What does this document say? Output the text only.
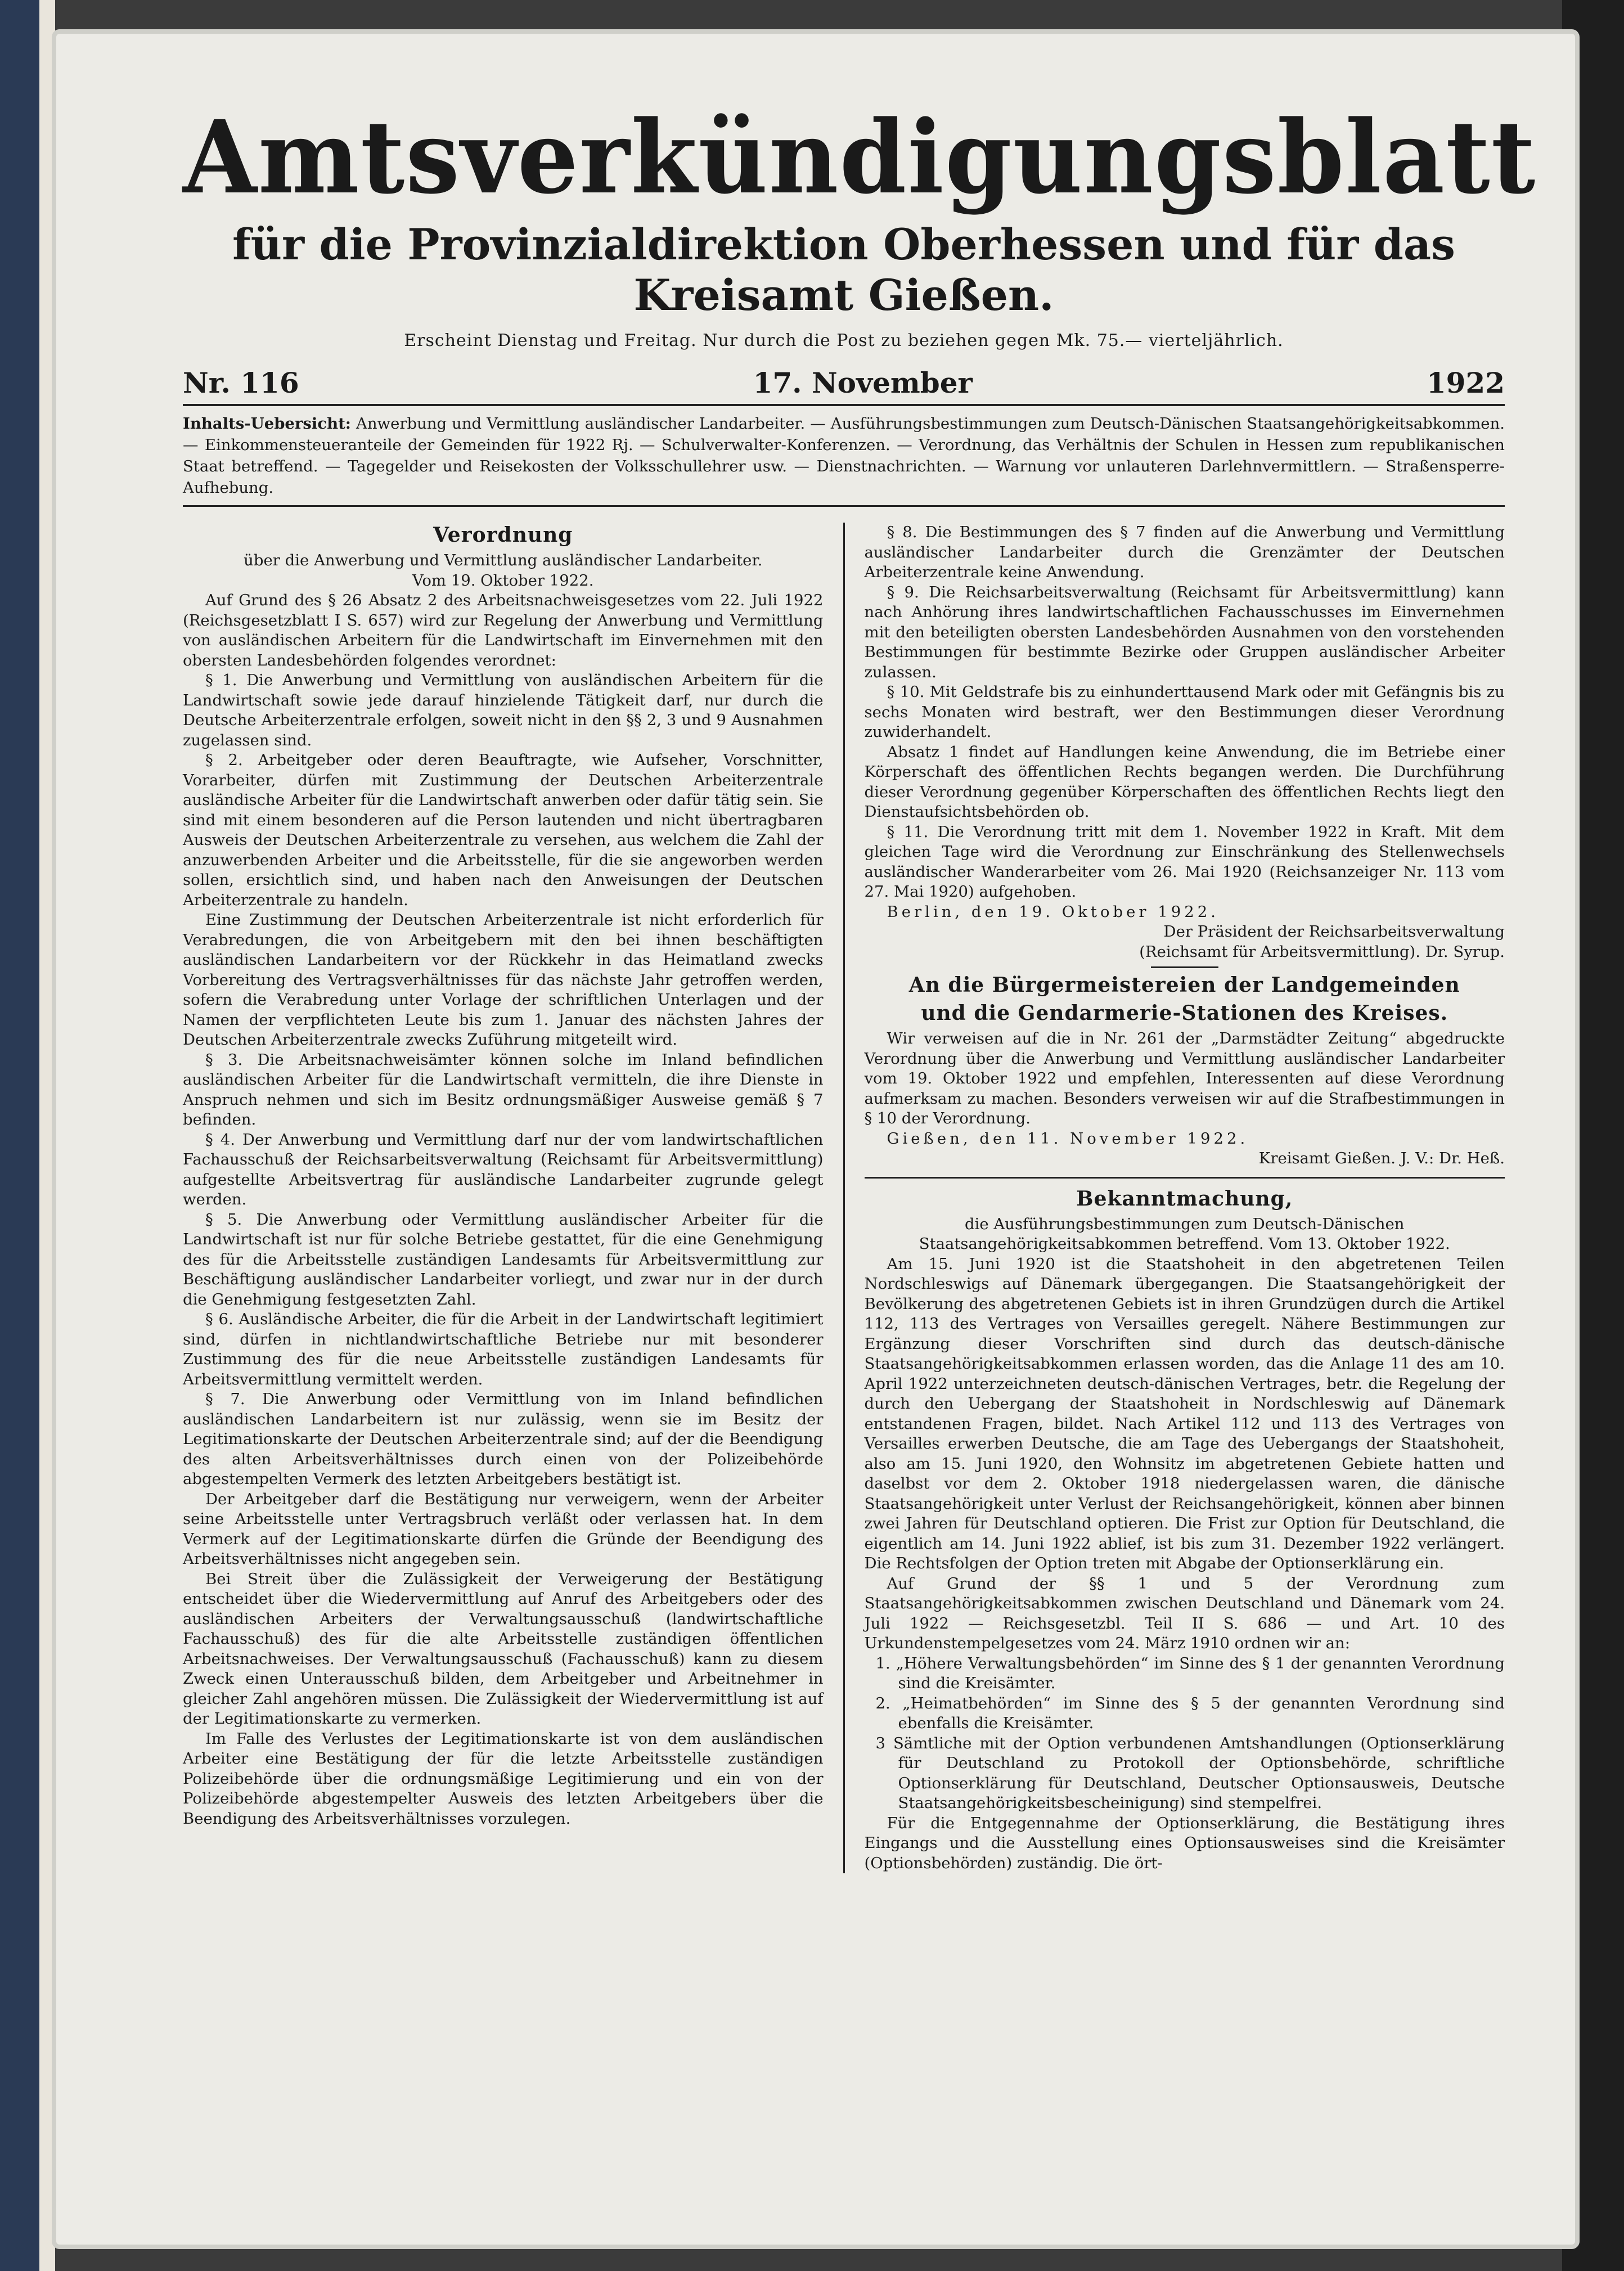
Amtsverkündigungsblatt
für die Provinzialdirektion Oberhessen und für das Kreisamt Gießen.
Erscheint Dienstag und Freitag. Nur durch die Post zu beziehen gegen Mk. 75.— vierteljährlich.
Nr. 116	17. November	1922
Inhalts-Uebersicht: Anwerbung und Vermittlung ausländischer Landarbeiter. — Ausführungsbestimmungen zum Deutsch-Dänischen Staatsangehörigkeitsabkommen. — Einkommensteueranteile der Gemeinden für 1922 Rj. — Schulverwalter-Konferenzen. — Verordnung, das Verhältnis der Schulen in Hessen zum republikanischen Staat betreffend. — Tagegelder und Reisekosten der Volksschullehrer usw. — Dienstnachrichten. — Warnung vor unlauteren Darlehnvermittlern. — Straßensperre-Aufhebung.
Verordnung
über die Anwerbung und Vermittlung ausländischer Landarbeiter.
Vom 19. Oktober 1922.

Auf Grund des § 26 Absatz 2 des Arbeitsnachweisgesetzes vom 22. Juli 1922 (Reichsgesetzblatt I S. 657) wird zur Regelung der Anwerbung und Vermittlung von ausländischen Arbeitern für die Landwirtschaft im Einvernehmen mit den obersten Landesbehörden folgendes verordnet:

§ 1. Die Anwerbung und Vermittlung von ausländischen Arbeitern für die Landwirtschaft sowie jede darauf hinzielende Tätigkeit darf, nur durch die Deutsche Arbeiterzentrale erfolgen, soweit nicht in den §§ 2, 3 und 9 Ausnahmen zugelassen sind.

§ 2. Arbeitgeber oder deren Beauftragte, wie Aufseher, Vorschnitter, Vorarbeiter, dürfen mit Zustimmung der Deutschen Arbeiterzentrale ausländische Arbeiter für die Landwirtschaft anwerben oder dafür tätig sein. Sie sind mit einem besonderen auf die Person lautenden und nicht übertragbaren Ausweis der Deutschen Arbeiterzentrale zu versehen, aus welchem die Zahl der anzuwerbenden Arbeiter und die Arbeitsstelle, für die sie angeworben werden sollen, ersichtlich sind, und haben nach den Anweisungen der Deutschen Arbeiterzentrale zu handeln.

Eine Zustimmung der Deutschen Arbeiterzentrale ist nicht erforderlich für Verabredungen, die von Arbeitgebern mit den bei ihnen beschäftigten ausländischen Landarbeitern vor der Rückkehr in das Heimatland zwecks Vorbereitung des Vertragsverhältnisses für das nächste Jahr getroffen werden, sofern die Verabredung unter Vorlage der schriftlichen Unterlagen und der Namen der verpflichteten Leute bis zum 1. Januar des nächsten Jahres der Deutschen Arbeiterzentrale zwecks Zuführung mitgeteilt wird.

§ 3. Die Arbeitsnachweisämter können solche im Inland befindlichen ausländischen Arbeiter für die Landwirtschaft vermitteln, die ihre Dienste in Anspruch nehmen und sich im Besitz ordnungsmäßiger Ausweise gemäß § 7 befinden.

§ 4. Der Anwerbung und Vermittlung darf nur der vom landwirtschaftlichen Fachausschuß der Reichsarbeitsverwaltung (Reichsamt für Arbeitsvermittlung) aufgestellte Arbeitsvertrag für ausländische Landarbeiter zugrunde gelegt werden.

§ 5. Die Anwerbung oder Vermittlung ausländischer Arbeiter für die Landwirtschaft ist nur für solche Betriebe gestattet, für die eine Genehmigung des für die Arbeitsstelle zuständigen Landesamts für Arbeitsvermittlung zur Beschäftigung ausländischer Landarbeiter vorliegt, und zwar nur in der durch die Genehmigung festgesetzten Zahl.

§ 6. Ausländische Arbeiter, die für die Arbeit in der Landwirtschaft legitimiert sind, dürfen in nichtlandwirtschaftliche Betriebe nur mit besonderer Zustimmung des für die neue Arbeitsstelle zuständigen Landesamts für Arbeitsvermittlung vermittelt werden.

§ 7. Die Anwerbung oder Vermittlung von im Inland befindlichen ausländischen Landarbeitern ist nur zulässig, wenn sie im Besitz der Legitimationskarte der Deutschen Arbeiterzentrale sind; auf der die Beendigung des alten Arbeitsverhältnisses durch einen von der Polizeibehörde abgestempelten Vermerk des letzten Arbeitgebers bestätigt ist.

Der Arbeitgeber darf die Bestätigung nur verweigern, wenn der Arbeiter seine Arbeitsstelle unter Vertragsbruch verläßt oder verlassen hat. In dem Vermerk auf der Legitimationskarte dürfen die Gründe der Beendigung des Arbeitsverhältnisses nicht angegeben sein.

Bei Streit über die Zulässigkeit der Verweigerung der Bestätigung entscheidet über die Wiedervermittlung auf Anruf des Arbeitgebers oder des ausländischen Arbeiters der Verwaltungsausschuß (landwirtschaftliche Fachausschuß) des für die alte Arbeitsstelle zuständigen öffentlichen Arbeitsnachweises. Der Verwaltungsausschuß (Fachausschuß) kann zu diesem Zweck einen Unterausschuß bilden, dem Arbeitgeber und Arbeitnehmer in gleicher Zahl angehören müssen. Die Zulässigkeit der Wiedervermittlung ist auf der Legitimationskarte zu vermerken.

Im Falle des Verlustes der Legitimationskarte ist von dem ausländischen Arbeiter eine Bestätigung der für die letzte Arbeitsstelle zuständigen Polizeibehörde über die ordnungsmäßige Legitimierung und ein von der Polizeibehörde abgestempelter Ausweis des letzten Arbeitgebers über die Beendigung des Arbeitsverhältnisses vorzulegen.

§ 8. Die Bestimmungen des § 7 finden auf die Anwerbung und Vermittlung ausländischer Landarbeiter durch die Grenzämter der Deutschen Arbeiterzentrale keine Anwendung.

§ 9. Die Reichsarbeitsverwaltung (Reichsamt für Arbeitsvermittlung) kann nach Anhörung ihres landwirtschaftlichen Fachausschusses im Einvernehmen mit den beteiligten obersten Landesbehörden Ausnahmen von den vorstehenden Bestimmungen für bestimmte Bezirke oder Gruppen ausländischer Arbeiter zulassen.

§ 10. Mit Geldstrafe bis zu einhunderttausend Mark oder mit Gefängnis bis zu sechs Monaten wird bestraft, wer den Bestimmungen dieser Verordnung zuwiderhandelt.

Absatz 1 findet auf Handlungen keine Anwendung, die im Betriebe einer Körperschaft des öffentlichen Rechts begangen werden. Die Durchführung dieser Verordnung gegenüber Körperschaften des öffentlichen Rechts liegt den Dienstaufsichtsbehörden ob.

§ 11. Die Verordnung tritt mit dem 1. November 1922 in Kraft. Mit dem gleichen Tage wird die Verordnung zur Einschränkung des Stellenwechsels ausländischer Wanderarbeiter vom 26. Mai 1920 (Reichsanzeiger Nr. 113 vom 27. Mai 1920) aufgehoben.

Berlin, den 19. Oktober 1922.

Der Präsident der Reichsarbeitsverwaltung
(Reichsamt für Arbeitsvermittlung). Dr. Syrup.
An die Bürgermeistereien der Landgemeinden
und die Gendarmerie-Stationen des Kreises.

Wir verweisen auf die in Nr. 261 der „Darmstädter Zeitung“ abgedruckte Verordnung über die Anwerbung und Vermittlung ausländischer Landarbeiter vom 19. Oktober 1922 und empfehlen, Interessenten auf diese Verordnung aufmerksam zu machen. Besonders verweisen wir auf die Strafbestimmungen in § 10 der Verordnung.

Gießen, den 11. November 1922.

Kreisamt Gießen. J. V.: Dr. Heß.
Bekanntmachung,
die Ausführungsbestimmungen zum Deutsch-Dänischen Staatsangehörigkeitsabkommen betreffend. Vom 13. Oktober 1922.

Am 15. Juni 1920 ist die Staatshoheit in den abgetretenen Teilen Nordschleswigs auf Dänemark übergegangen. Die Staatsangehörigkeit der Bevölkerung des abgetretenen Gebiets ist in ihren Grundzügen durch die Artikel 112, 113 des Vertrages von Versailles geregelt. Nähere Bestimmungen zur Ergänzung dieser Vorschriften sind durch das deutsch-dänische Staatsangehörigkeitsabkommen erlassen worden, das die Anlage 11 des am 10. April 1922 unterzeichneten deutsch-dänischen Vertrages, betr. die Regelung der durch den Uebergang der Staatshoheit in Nordschleswig auf Dänemark entstandenen Fragen, bildet. Nach Artikel 112 und 113 des Vertrages von Versailles erwerben Deutsche, die am Tage des Uebergangs der Staatshoheit, also am 15. Juni 1920, den Wohnsitz im abgetretenen Gebiete hatten und daselbst vor dem 2. Oktober 1918 niedergelassen waren, die dänische Staatsangehörigkeit unter Verlust der Reichsangehörigkeit, können aber binnen zwei Jahren für Deutschland optieren. Die Frist zur Option für Deutschland, die eigentlich am 14. Juni 1922 ablief, ist bis zum 31. Dezember 1922 verlängert. Die Rechtsfolgen der Option treten mit Abgabe der Optionserklärung ein.

Auf Grund der §§ 1 und 5 der Verordnung zum Staatsangehörigkeitsabkommen zwischen Deutschland und Dänemark vom 24. Juli 1922 — Reichsgesetzbl. Teil II S. 686 — und Art. 10 des Urkundenstempelgesetzes vom 24. März 1910 ordnen wir an:

1. „Höhere Verwaltungsbehörden“ im Sinne des § 1 der genannten Verordnung sind die Kreisämter.

2. „Heimatbehörden“ im Sinne des § 5 der genannten Verordnung sind ebenfalls die Kreisämter.

3 Sämtliche mit der Option verbundenen Amtshandlungen (Optionserklärung für Deutschland zu Protokoll der Optionsbehörde, schriftliche Optionserklärung für Deutschland, Deutscher Optionsausweis, Deutsche Staatsangehörigkeitsbescheinigung) sind stempelfrei.

Für die Entgegennahme der Optionserklärung, die Bestätigung ihres Eingangs und die Ausstellung eines Optionsausweises sind die Kreisämter (Optionsbehörden) zuständig. Die ört-
